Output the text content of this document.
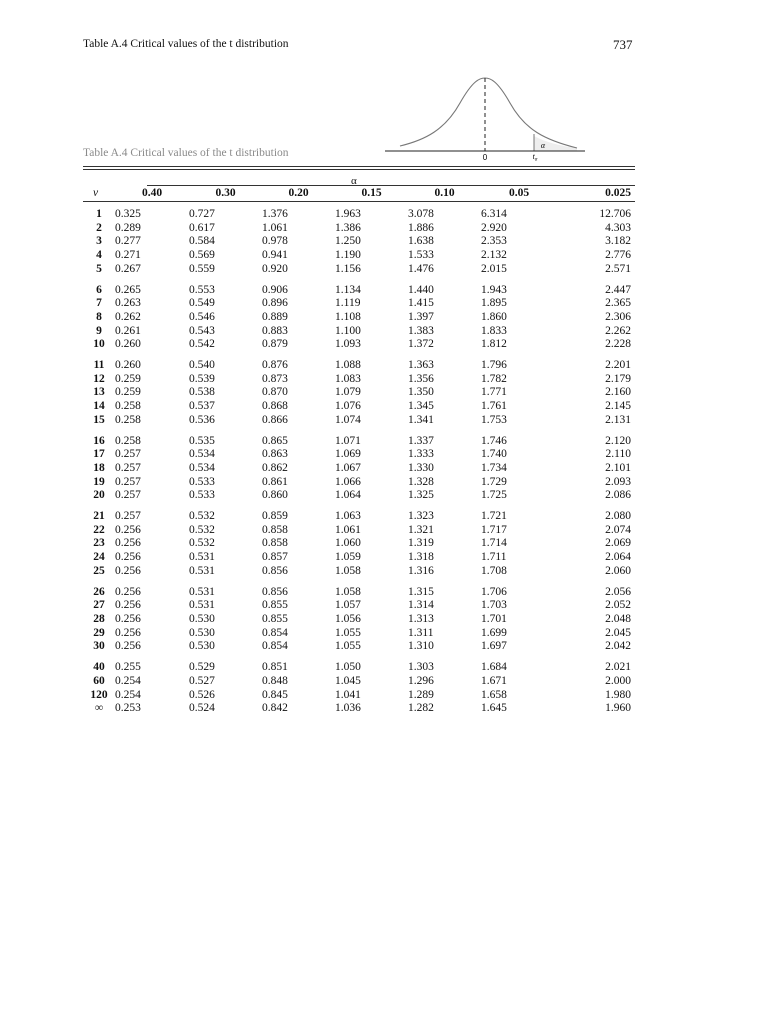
Table A.4 Critical values of the t distribution	737
0	tα
α
Table A.4 Critical values of the t distribution
α
v	0.40	0.30	0.20	0.15	0.10	0.05	0.025
1	0.325	0.727	1.376	1.963	3.078	6.314	12.706
2	0.289	0.617	1.061	1.386	1.886	2.920	4.303
3	0.277	0.584	0.978	1.250	1.638	2.353	3.182
4	0.271	0.569	0.941	1.190	1.533	2.132	2.776
5	0.267	0.559	0.920	1.156	1.476	2.015	2.571
6	0.265	0.553	0.906	1.134	1.440	1.943	2.447
7	0.263	0.549	0.896	1.119	1.415	1.895	2.365
8	0.262	0.546	0.889	1.108	1.397	1.860	2.306
9	0.261	0.543	0.883	1.100	1.383	1.833	2.262
10	0.260	0.542	0.879	1.093	1.372	1.812	2.228
11	0.260	0.540	0.876	1.088	1.363	1.796	2.201
12	0.259	0.539	0.873	1.083	1.356	1.782	2.179
13	0.259	0.538	0.870	1.079	1.350	1.771	2.160
14	0.258	0.537	0.868	1.076	1.345	1.761	2.145
15	0.258	0.536	0.866	1.074	1.341	1.753	2.131
16	0.258	0.535	0.865	1.071	1.337	1.746	2.120
17	0.257	0.534	0.863	1.069	1.333	1.740	2.110
18	0.257	0.534	0.862	1.067	1.330	1.734	2.101
19	0.257	0.533	0.861	1.066	1.328	1.729	2.093
20	0.257	0.533	0.860	1.064	1.325	1.725	2.086
21	0.257	0.532	0.859	1.063	1.323	1.721	2.080
22	0.256	0.532	0.858	1.061	1.321	1.717	2.074
23	0.256	0.532	0.858	1.060	1.319	1.714	2.069
24	0.256	0.531	0.857	1.059	1.318	1.711	2.064
25	0.256	0.531	0.856	1.058	1.316	1.708	2.060
26	0.256	0.531	0.856	1.058	1.315	1.706	2.056
27	0.256	0.531	0.855	1.057	1.314	1.703	2.052
28	0.256	0.530	0.855	1.056	1.313	1.701	2.048
29	0.256	0.530	0.854	1.055	1.311	1.699	2.045
30	0.256	0.530	0.854	1.055	1.310	1.697	2.042
40	0.255	0.529	0.851	1.050	1.303	1.684	2.021
60	0.254	0.527	0.848	1.045	1.296	1.671	2.000
120	0.254	0.526	0.845	1.041	1.289	1.658	1.980
∞	0.253	0.524	0.842	1.036	1.282	1.645	1.960
